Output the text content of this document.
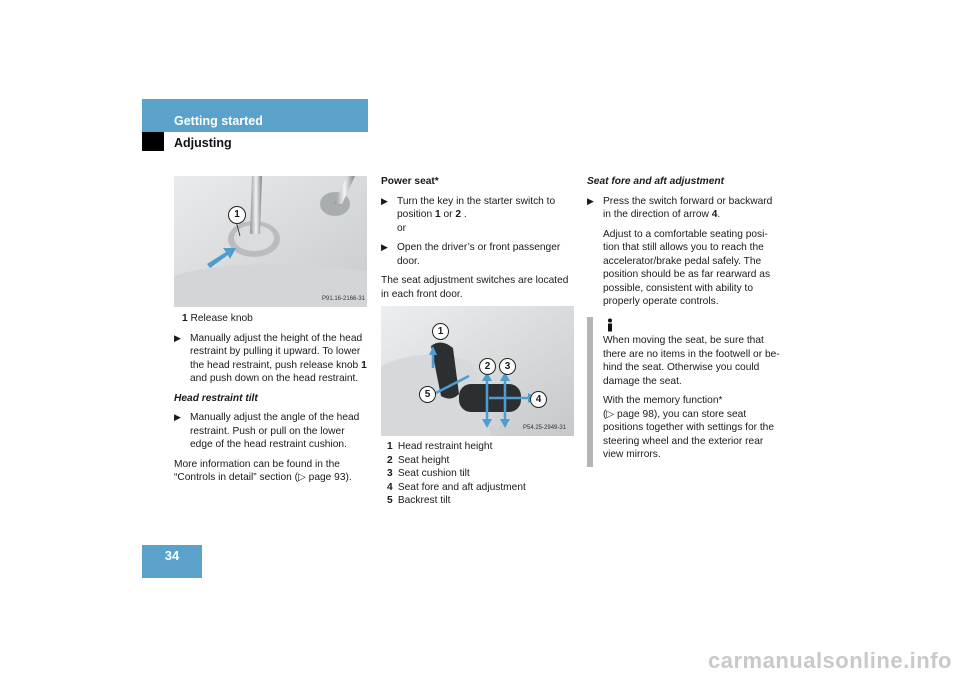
Getting started
Adjusting
1
P91.16-2166-31

1 Release knob

▶ Manually adjust the height of the head
restraint by pulling it upward. To lower
the head restraint, push release knob 1
and push down on the head restraint.

Head restraint tilt

▶ Manually adjust the angle of the head
restraint. Push or pull on the lower
edge of the head restraint cushion.

More information can be found in the
“Controls in detail” section (▷ page 93).

Power seat*

▶ Turn the key in the starter switch to
position 1 or 2 .
or
▶ Open the driver’s or front passenger
door.

The seat adjustment switches are located
in each front door.

1
2	3
4
5
P54.25-2949-31
1 Head restraint height
2 Seat height
3 Seat cushion tilt
4 Seat fore and aft adjustment
5 Backrest tilt

Seat fore and aft adjustment

▶ Press the switch forward or backward
in the direction of arrow 4.

Adjust to a comfortable seating posi-
tion that still allows you to reach the
accelerator/brake pedal safely. The
position should be as far rearward as
possible, consistent with ability to
properly operate controls.

When moving the seat, be sure that
there are no items in the footwell or be-
hind the seat. Otherwise you could
damage the seat.

With the memory function*
(▷ page 98), you can store seat
positions together with settings for the
steering wheel and the exterior rear
view mirrors.

34
carmanualsonline.info
